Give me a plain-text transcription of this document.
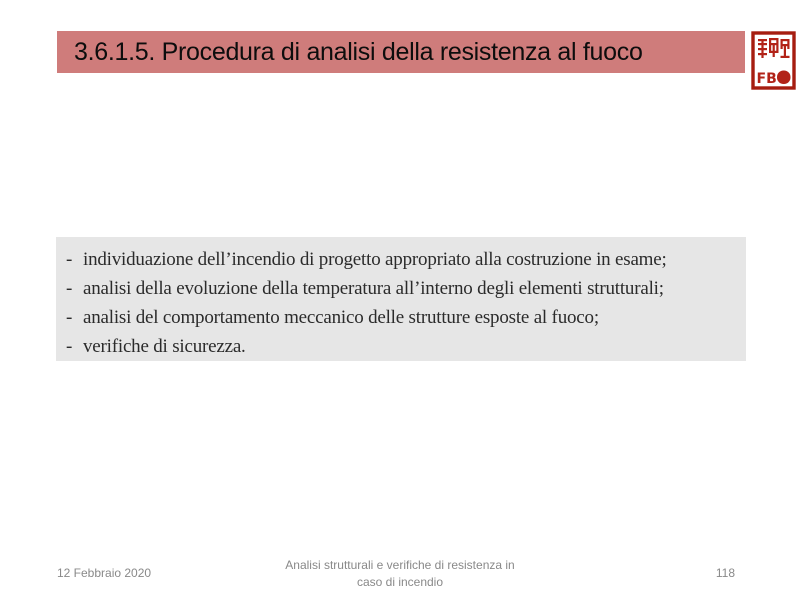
3.6.1.5. Procedura di analisi della resistenza al fuoco
FB
- individuazione dell’incendio di progetto appropriato alla costruzione in esame;
- analisi della evoluzione della temperatura all’interno degli elementi strutturali;
- analisi del comportamento meccanico delle strutture esposte al fuoco;
- verifiche di sicurezza.
12 Febbraio 2020
Analisi strutturali e verifiche di resistenza in
caso di incendio
118
